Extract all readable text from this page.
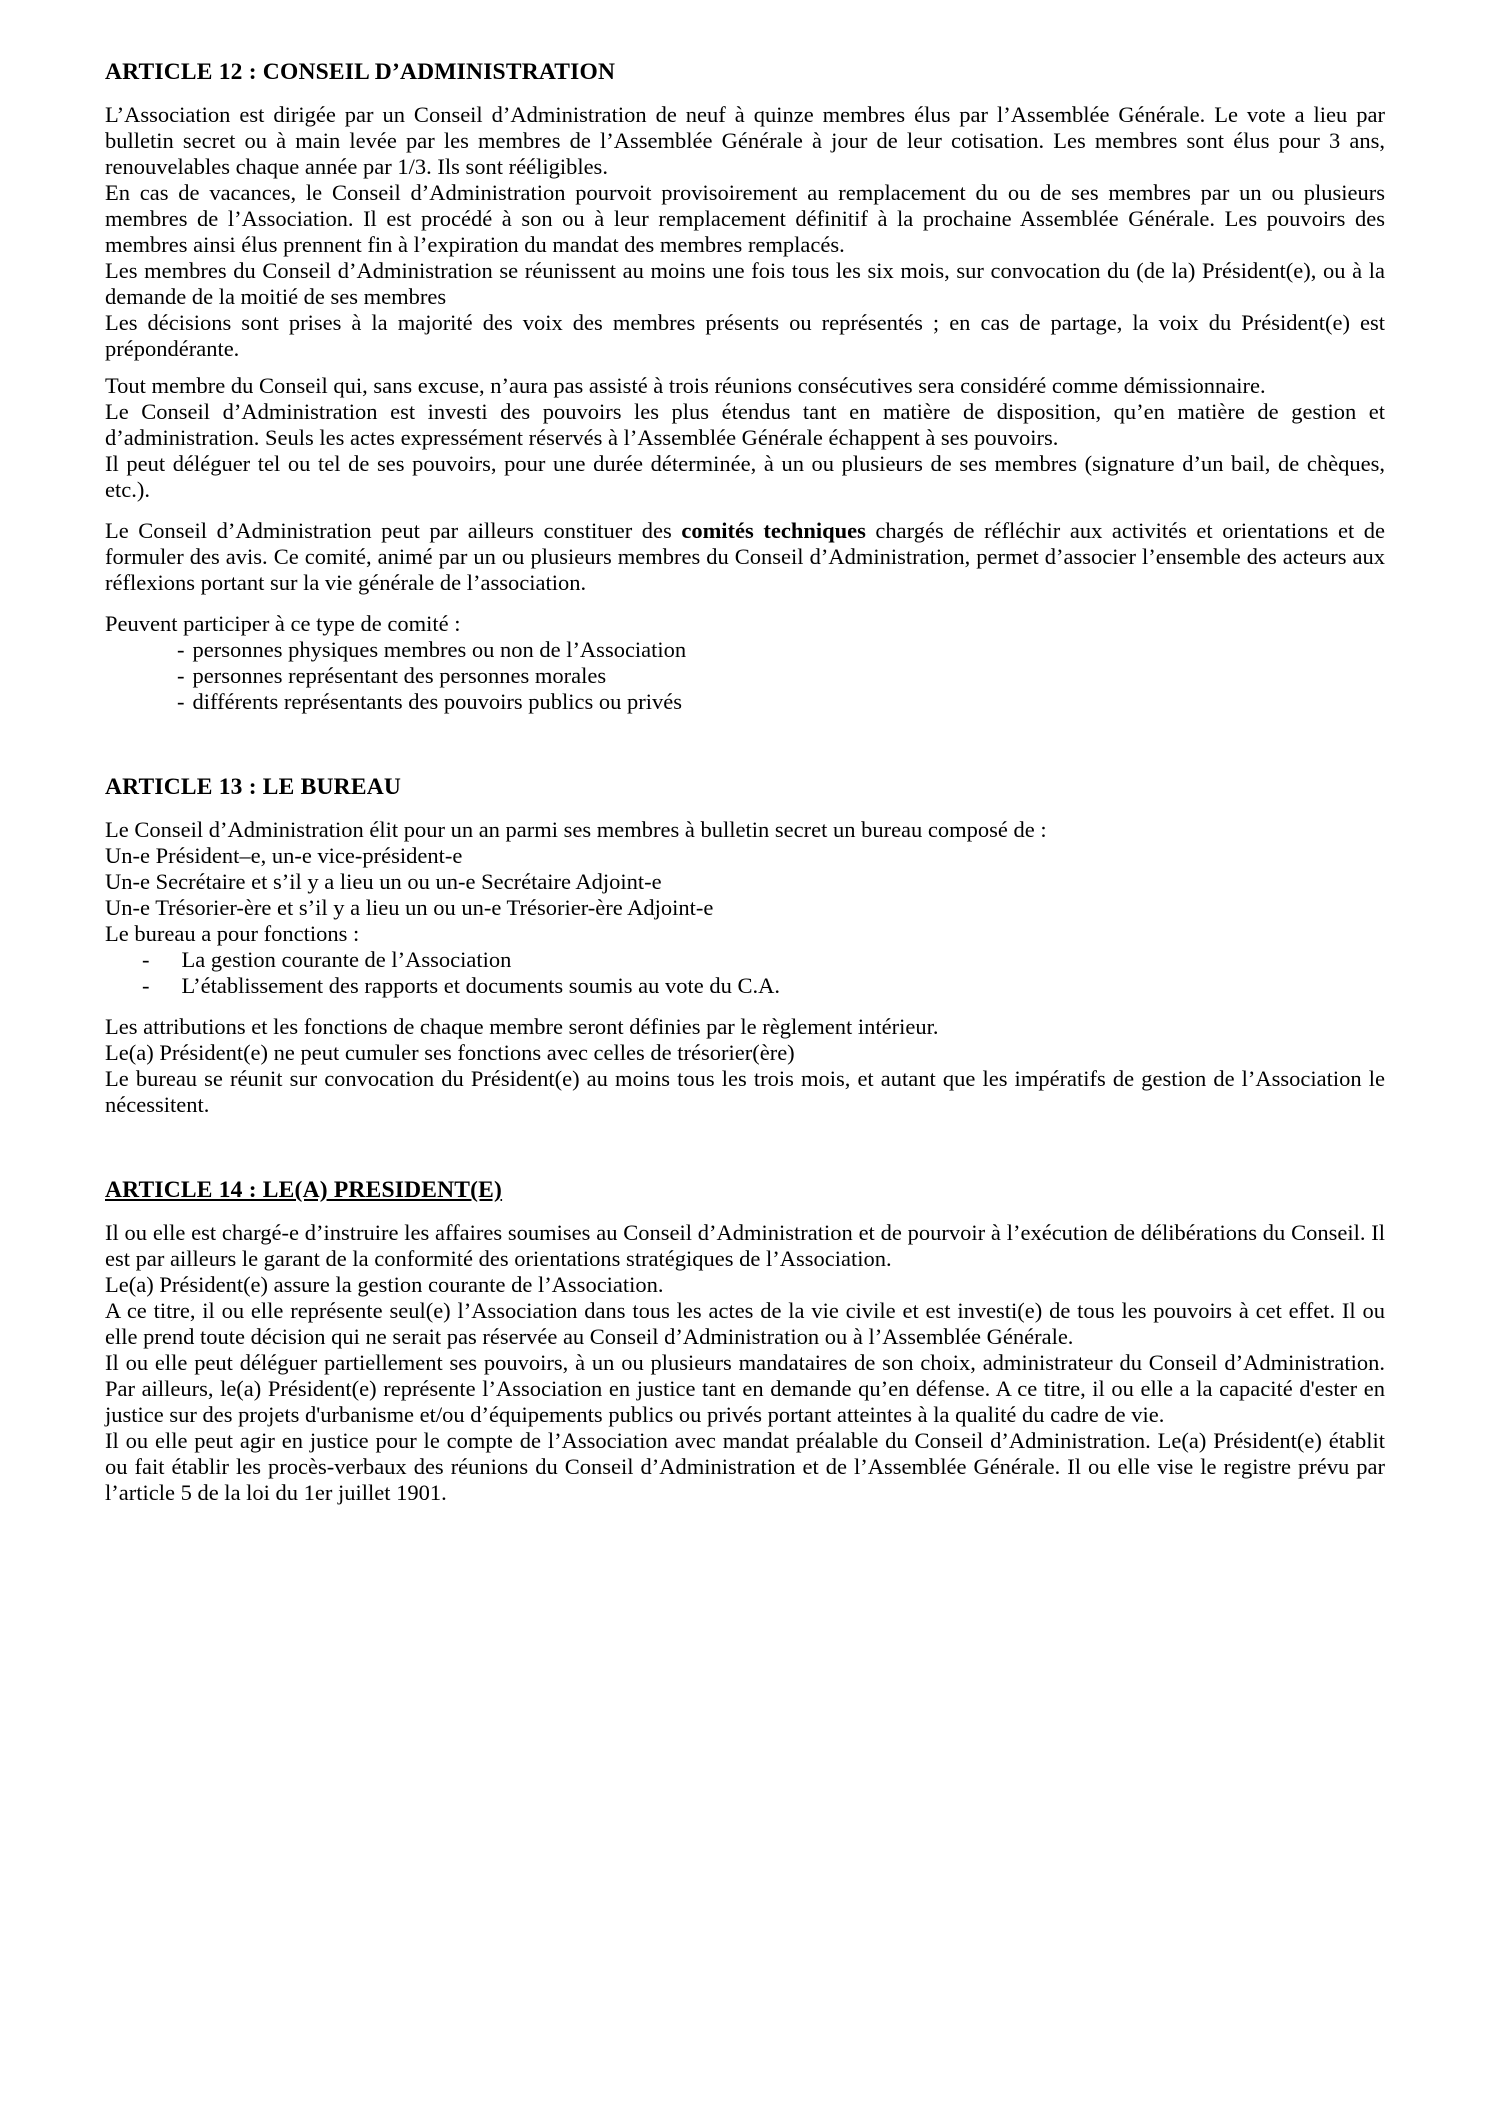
ARTICLE 12 : CONSEIL D’ADMINISTRATION

L’Association est dirigée par un Conseil d’Administration de neuf à quinze membres élus par l’Assemblée Générale. Le vote a lieu par bulletin secret ou à main levée par les membres de l’Assemblée Générale à jour de leur cotisation. Les membres sont élus pour 3 ans, renouvelables chaque année par 1/3. Ils sont rééligibles.

En cas de vacances, le Conseil d’Administration pourvoit provisoirement au remplacement du ou de ses membres par un ou plusieurs membres de l’Association. Il est procédé à son ou à leur remplacement définitif à la prochaine Assemblée Générale. Les pouvoirs des membres ainsi élus prennent fin à l’expiration du mandat des membres remplacés.

Les membres du Conseil d’Administration se réunissent au moins une fois tous les six mois, sur convocation du (de la) Président(e), ou à la demande de la moitié de ses membres

Les décisions sont prises à la majorité des voix des membres présents ou représentés ; en cas de partage, la voix du Président(e) est prépondérante.

Tout membre du Conseil qui, sans excuse, n’aura pas assisté à trois réunions consécutives sera considéré comme démissionnaire.

Le Conseil d’Administration est investi des pouvoirs les plus étendus tant en matière de disposition, qu’en matière de gestion et d’administration. Seuls les actes expressément réservés à l’Assemblée Générale échappent à ses pouvoirs.

Il peut déléguer tel ou tel de ses pouvoirs, pour une durée déterminée, à un ou plusieurs de ses membres (signature d’un bail, de chèques, etc.).

Le Conseil d’Administration peut par ailleurs constituer des comités techniques chargés de réfléchir aux activités et orientations et de formuler des avis. Ce comité, animé par un ou plusieurs membres du Conseil d’Administration, permet d’associer l’ensemble des acteurs aux réflexions portant sur la vie générale de l’association.

Peuvent participer à ce type de comité :

- personnes physiques membres ou non de l’Association
- personnes représentant des personnes morales
- différents représentants des pouvoirs publics ou privés
ARTICLE 13 : LE BUREAU

Le Conseil d’Administration élit pour un an parmi ses membres à bulletin secret un bureau composé de :

Un-e Président–e, un-e vice-président-e

Un-e Secrétaire et s’il y a lieu un ou un-e Secrétaire Adjoint-e

Un-e Trésorier-ère et s’il y a lieu un ou un-e Trésorier-ère Adjoint-e

Le bureau a pour fonctions :

- La gestion courante de l’Association
- L’établissement des rapports et documents soumis au vote du C.A.

Les attributions et les fonctions de chaque membre seront définies par le règlement intérieur.

Le(a) Président(e) ne peut cumuler ses fonctions avec celles de trésorier(ère)

Le bureau se réunit sur convocation du Président(e) au moins tous les trois mois, et autant que les impératifs de gestion de l’Association le nécessitent.

ARTICLE 14 : LE(A) PRESIDENT(E)

Il ou elle est chargé-e d’instruire les affaires soumises au Conseil d’Administration et de pourvoir à l’exécution de délibérations du Conseil. Il est par ailleurs le garant de la conformité des orientations stratégiques de l’Association.

Le(a) Président(e) assure la gestion courante de l’Association.

A ce titre, il ou elle représente seul(e) l’Association dans tous les actes de la vie civile et est investi(e) de tous les pouvoirs à cet effet. Il ou elle prend toute décision qui ne serait pas réservée au Conseil d’Administration ou à l’Assemblée Générale.

Il ou elle peut déléguer partiellement ses pouvoirs, à un ou plusieurs mandataires de son choix, administrateur du Conseil d’Administration. Par ailleurs, le(a) Président(e) représente l’Association en justice tant en demande qu’en défense. A ce titre, il ou elle a la capacité d'ester en justice sur des projets d'urbanisme et/ou d’équipements publics ou privés portant atteintes à la qualité du cadre de vie.

Il ou elle peut agir en justice pour le compte de l’Association avec mandat préalable du Conseil d’Administration. Le(a) Président(e) établit ou fait établir les procès-verbaux des réunions du Conseil d’Administration et de l’Assemblée Générale. Il ou elle vise le registre prévu par l’article 5 de la loi du 1er juillet 1901.
